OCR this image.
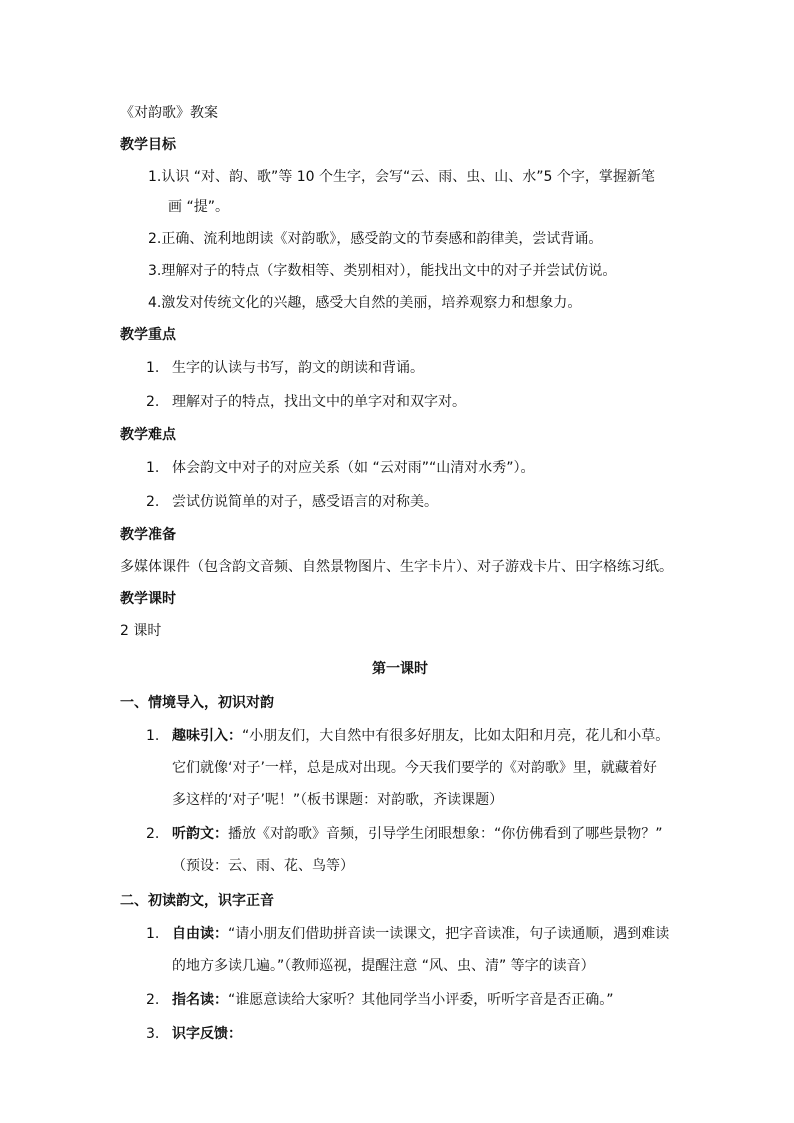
《对韵歌》教案
教学目标
1.认识 “对、韵、歌”等 10 个生字，会写“云、雨、虫、山、水”5 个字，掌握新笔
画 “提”。
2.正确、流利地朗读《对韵歌》，感受韵文的节奏感和韵律美，尝试背诵。
3.理解对子的特点（字数相等、类别相对），能找出文中的对子并尝试仿说。
4.激发对传统文化的兴趣，感受大自然的美丽，培养观察力和想象力。
教学重点
1. 生字的认读与书写，韵文的朗读和背诵。
2. 理解对子的特点，找出文中的单字对和双字对。
教学难点
1. 体会韵文中对子的对应关系（如 “云对雨”“山清对水秀”）。
2. 尝试仿说简单的对子，感受语言的对称美。
教学准备
多媒体课件（包含韵文音频、自然景物图片、生字卡片）、对子游戏卡片、田字格练习纸。
教学课时
2 课时
第一课时
一、情境导入，初识对韵
1. 趣味引入：“小朋友们，大自然中有很多好朋友，比如太阳和月亮，花儿和小草。
它们就像‘对子’一样，总是成对出现。今天我们要学的《对韵歌》里，就藏着好
多这样的‘对子’呢！”（板书课题：对韵歌，齐读课题）
2. 听韵文：播放《对韵歌》音频，引导学生闭眼想象：“你仿佛看到了哪些景物？”
（预设：云、雨、花、鸟等）
二、初读韵文，识字正音
1. 自由读：“请小朋友们借助拼音读一读课文，把字音读准，句子读通顺，遇到难读
的地方多读几遍。”（教师巡视，提醒注意 “风、虫、清” 等字的读音）
2. 指名读：“谁愿意读给大家听？其他同学当小评委，听听字音是否正确。”
3. 识字反馈：
